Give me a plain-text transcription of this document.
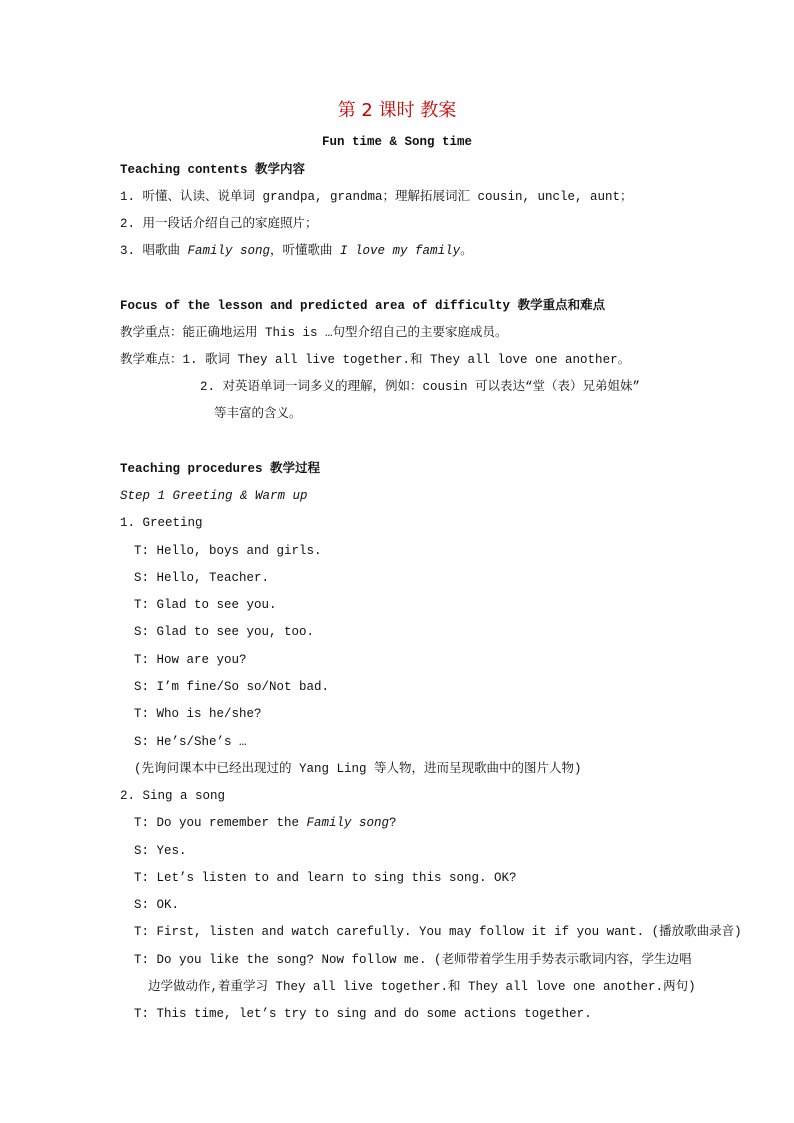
第 2 课时 教案
Fun time & Song time
Teaching contents 教学内容
1. 听懂、认读、说单词 grandpa, grandma；理解拓展词汇 cousin, uncle, aunt；
2. 用一段话介绍自己的家庭照片；
3. 唱歌曲 Family song，听懂歌曲 I love my family。
Focus of the lesson and predicted area of difficulty 教学重点和难点
教学重点：能正确地运用 This is …句型介绍自己的主要家庭成员。
教学难点：1. 歌词 They all live together.和 They all love one another。
2. 对英语单词一词多义的理解，例如：cousin 可以表达“堂（表）兄弟姐妹”
等丰富的含义。
Teaching procedures 教学过程
Step 1 Greeting & Warm up
1. Greeting
T: Hello, boys and girls.
S: Hello, Teacher.
T: Glad to see you.
S: Glad to see you, too.
T: How are you?
S: I’m fine/So so/Not bad.
T: Who is he/she?
S: He’s/She’s …
(先询问课本中已经出现过的 Yang Ling 等人物，进而呈现歌曲中的图片人物)
2. Sing a song
T: Do you remember the Family song?
S: Yes.
T: Let’s listen to and learn to sing this song. OK?
S: OK.
T: First, listen and watch carefully. You may follow it if you want. (播放歌曲录音)
T: Do you like the song? Now follow me. (老师带着学生用手势表示歌词内容，学生边唱
边学做动作,着重学习 They all live together.和 They all love one another.两句)
T: This time, let’s try to sing and do some actions together.
